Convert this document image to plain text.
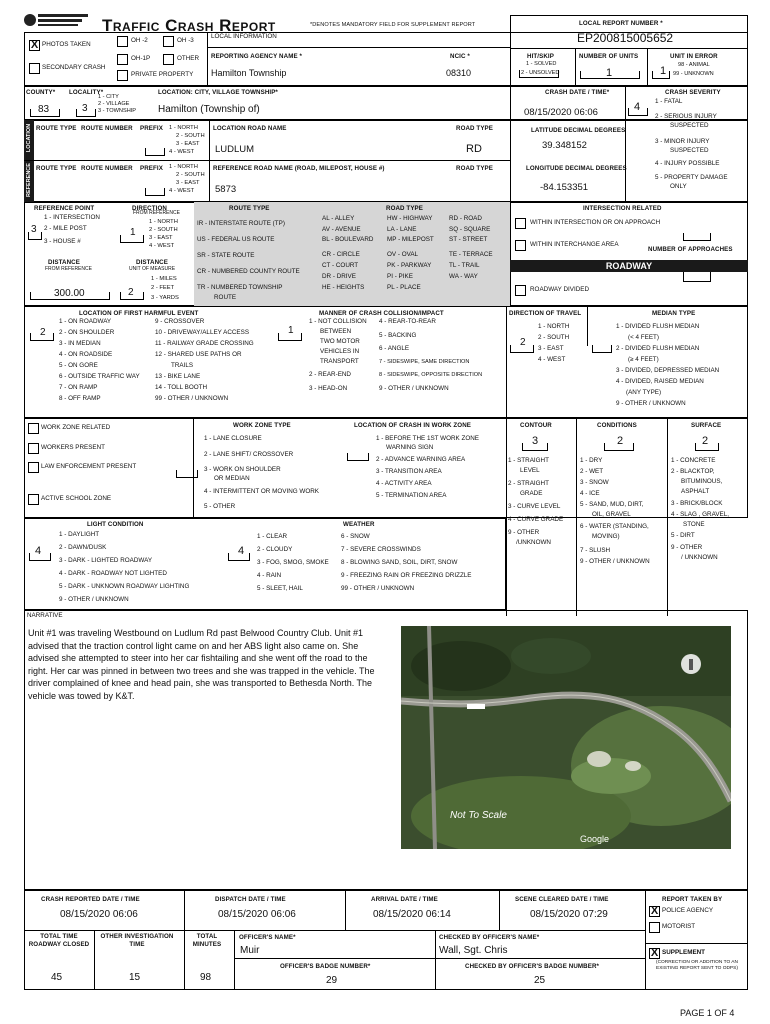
Traffic Crash Report	*DENOTES MANDATORY FIELD FOR SUPPLEMENT REPORT	LOCAL REPORT NUMBER *
EP200815005652
X PHOTOS TAKEN
OH -2	OH -3
OH-1P	OTHER
SECONDARY CRASH
PRIVATE PROPERTY
LOCAL INFORMATION
REPORTING AGENCY NAME *
Hamilton Township
NCIC *
08310
HIT/SKIP
1 - SOLVED
2 - UNSOLVED
NUMBER OF UNITS
1
UNIT IN ERROR
1 98 - ANIMAL
99 - UNKNOWN
COUNTY*
83
LOCALITY*
3
1 - CITY
2 - VILLAGE
3 - TOWNSHIP
LOCATION: CITY, VILLAGE TOWNSHIP*
Hamilton (Township of)
CRASH DATE / TIME*
08/15/2020 06:06
CRASH SEVERITY
4 1 - FATAL
2 - SERIOUS INJURY
SUSPECTED
3 - MINOR INJURY
SUSPECTED
4 - INJURY POSSIBLE
5 - PROPERTY DAMAGE
ONLY
LOCATION
REFERENCE
ROUTE TYPE ROUTE NUMBER PREFIX 1 - NORTH
2 - SOUTH
3 - EAST
4 - WEST
LOCATION ROAD NAME
LUDLUM
ROAD TYPE
RD
ROUTE TYPE ROUTE NUMBER PREFIX 1 - NORTH
2 - SOUTH
3 - EAST
4 - WEST
REFERENCE ROAD NAME (ROAD, MILEPOST, HOUSE #)
5873
ROAD TYPE
LATITUDE DECIMAL DEGREES
39.348152
LONGITUDE DECIMAL DEGREES
-84.153351
REFERENCE POINT
1 - INTERSECTION
2 - MILE POST
3 - HOUSE #
3
DIRECTION
FROM REFERENCE
1 - NORTH
2 - SOUTH
3 - EAST
4 - WEST
1
DISTANCE
FROM REFERENCE
300.00
DISTANCE
UNIT OF MEASURE
1 - MILES
2 - FEET
3 - YARDS
2
ROUTE TYPE
IR - INTERSTATE ROUTE (TP)
US - FEDERAL US ROUTE
SR - STATE ROUTE
CR - NUMBERED COUNTY ROUTE
TR - NUMBERED TOWNSHIP
ROUTE
ROAD TYPE
AL - ALLEY
AV - AVENUE
BL - BOULEVARD
CR - CIRCLE
CT - COURT
DR - DRIVE
HE - HEIGHTS
HW - HIGHWAY
LA - LANE
MP - MILEPOST
OV - OVAL
PK - PARKWAY
PI - PIKE
PL - PLACE
RD - ROAD
SQ - SQUARE
ST - STREET
TE - TERRACE
TL - TRAIL
WA - WAY
INTERSECTION RELATED
WITHIN INTERSECTION OR ON APPROACH
WITHIN INTERCHANGE AREA
NUMBER OF APPROACHES
ROADWAY
ROADWAY DIVIDED
LOCATION OF FIRST HARMFUL EVENT
2
1 - ON ROADWAY
2 - ON SHOULDER
3 - IN MEDIAN
4 - ON ROADSIDE
5 - ON GORE
6 - OUTSIDE TRAFFIC WAY
7 - ON RAMP
8 - OFF RAMP
9 - CROSSOVER
10 - DRIVEWAY/ALLEY ACCESS
11 - RAILWAY GRADE CROSSING
12 - SHARED USE PATHS OR
TRAILS
13 - BIKE LANE
14 - TOLL BOOTH
99 - OTHER / UNKNOWN
MANNER OF CRASH COLLISION/IMPACT
1
1 - NOT COLLISION
BETWEEN
TWO MOTOR
VEHICLES IN
TRANSPORT
2 - REAR-END
3 - HEAD-ON
4 - REAR-TO-REAR
5 - BACKING
6 - ANGLE
7 - SIDESWIPE, SAME DIRECTION
8 - SIDESWIPE, OPPOSITE DIRECTION
9 - OTHER / UNKNOWN
DIRECTION OF TRAVEL
2
1 - NORTH
2 - SOUTH
3 - EAST
4 - WEST
MEDIAN TYPE
1 - DIVIDED FLUSH MEDIAN
(< 4 FEET)
2 - DIVIDED FLUSH MEDIAN
(≥ 4 FEET)
3 - DIVIDED, DEPRESSED MEDIAN
4 - DIVIDED, RAISED MEDIAN
(ANY TYPE)
9 - OTHER / UNKNOWN
WORK ZONE RELATED
WORKERS PRESENT
LAW ENFORCEMENT PRESENT
ACTIVE SCHOOL ZONE
WORK ZONE TYPE
1 - LANE CLOSURE
2 - LANE SHIFT/ CROSSOVER
3 - WORK ON SHOULDER
OR MEDIAN
4 - INTERMITTENT OR MOVING WORK
5 - OTHER
LOCATION OF CRASH IN WORK ZONE
1 - BEFORE THE 1ST WORK ZONE
WARNING SIGN
2 - ADVANCE WARNING AREA
3 - TRANSITION AREA
4 - ACTIVITY AREA
5 - TERMINATION AREA
CONTOUR
3
1 - STRAIGHT
LEVEL
2 - STRAIGHT
GRADE
3 - CURVE LEVEL
4 - CURVE GRADE
9 - OTHER
/UNKNOWN
CONDITIONS
2
1 - DRY
2 - WET
3 - SNOW
4 - ICE
5 - SAND, MUD, DIRT,
OIL, GRAVEL
6 - WATER (STANDING,
MOVING)
7 - SLUSH
9 - OTHER / UNKNOWN
SURFACE
2
1 - CONCRETE
2 - BLACKTOP,
BITUMINOUS,
ASPHALT
3 - BRICK/BLOCK
4 - SLAG , GRAVEL,
STONE
5 - DIRT
9 - OTHER
/ UNKNOWN
LIGHT CONDITION
4
1 - DAYLIGHT
2 - DAWN/DUSK
3 - DARK - LIGHTED ROADWAY
4 - DARK - ROADWAY NOT LIGHTED
5 - DARK - UNKNOWN ROADWAY LIGHTING
9 - OTHER / UNKNOWN
WEATHER
4
1 - CLEAR
2 - CLOUDY
3 - FOG, SMOG, SMOKE
4 - RAIN
5 - SLEET, HAIL
6 - SNOW
7 - SEVERE CROSSWINDS
8 - BLOWING SAND, SOIL, DIRT, SNOW
9 - FREEZING RAIN OR FREEZING DRIZZLE
99 - OTHER / UNKNOWN
NARRATIVE
Unit #1 was traveling Westbound on Ludlum Rd past Belwood Country Club. Unit #1 advised that the traction control light came on and her ABS light also came on. She advised she attempted to steer into her car fishtailing and she went off the road to the right. Her car was pinned in between two trees and she was trapped in the vehicle. The driver complained of knee and head pain, she was transported to Bethesda North. The vehicle was towed by K&T.
Not To Scale
Google
CRASH REPORTED DATE / TIME
08/15/2020 06:06
DISPATCH DATE / TIME
08/15/2020 06:06
ARRIVAL DATE / TIME
08/15/2020 06:14
SCENE CLEARED DATE / TIME
08/15/2020 07:29
REPORT TAKEN BY
X POLICE AGENCY
MOTORIST
X SUPPLEMENT
(CORRECTION OR ADDITION TO AN EXISTING REPORT SENT TO ODPS)
TOTAL TIME ROADWAY CLOSED
45
OTHER INVESTIGATION TIME
15
TOTAL MINUTES
98
OFFICER'S NAME*
Muir
CHECKED BY OFFICER'S NAME*
Wall, Sgt. Chris
OFFICER'S BADGE NUMBER*
29
CHECKED BY OFFICER'S BADGE NUMBER*
25
PAGE 1 OF 4
